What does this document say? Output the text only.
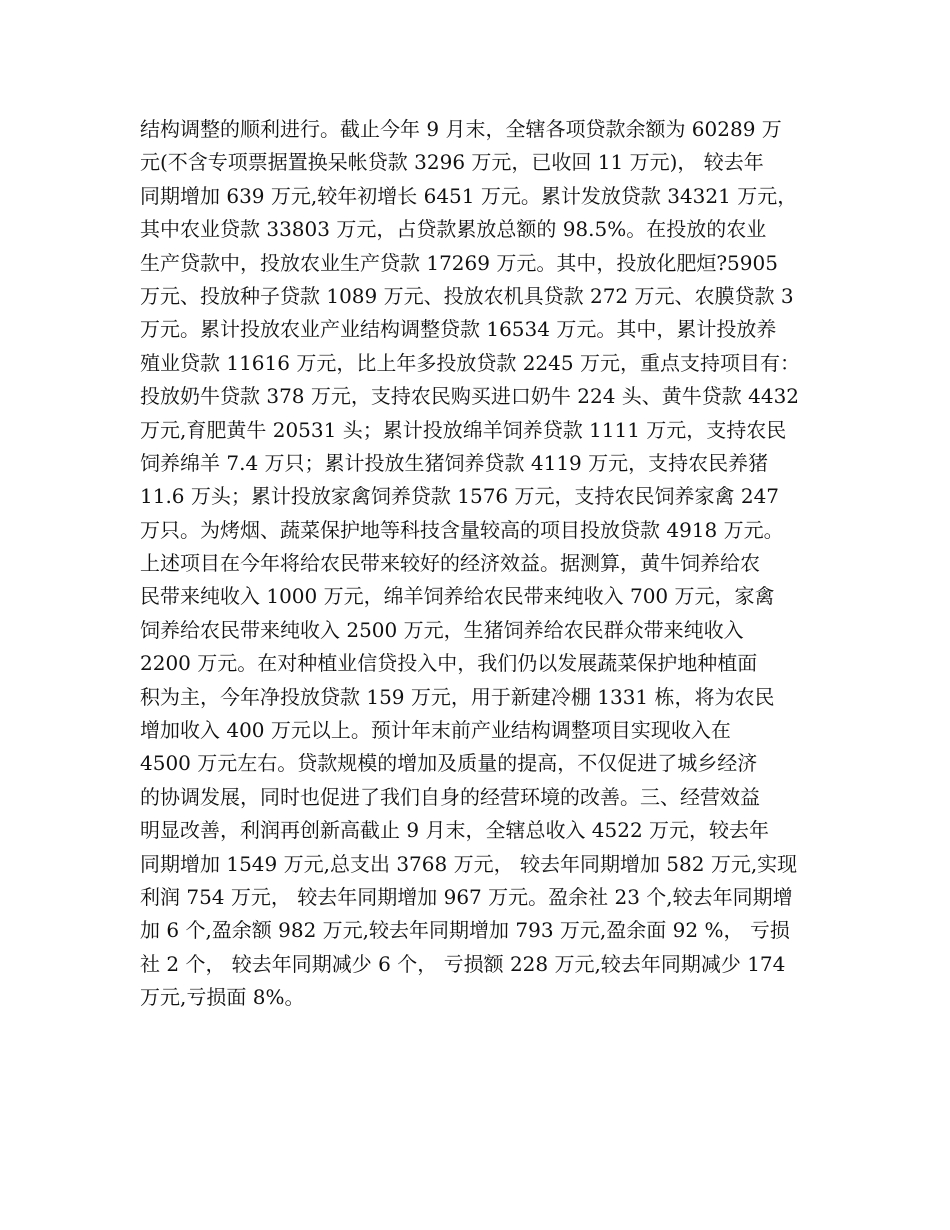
结构调整的顺利进行。截止今年 9 月末，全辖各项贷款余额为 60289 万
元(不含专项票据置换呆帐贷款 3296 万元，已收回 11 万元)， 较去年
同期增加 639 万元,较年初增长 6451 万元。累计发放贷款 34321 万元，
其中农业贷款 33803 万元，占贷款累放总额的 98.5%。在投放的农业
生产贷款中，投放农业生产贷款 17269 万元。其中，投放化肥烜?5905
万元、投放种子贷款 1089 万元、投放农机具贷款 272 万元、农膜贷款 3
万元。累计投放农业产业结构调整贷款 16534 万元。其中，累计投放养
殖业贷款 11616 万元，比上年多投放贷款 2245 万元，重点支持项目有：
投放奶牛贷款 378 万元，支持农民购买进口奶牛 224 头、黄牛贷款 4432
万元,育肥黄牛 20531 头；累计投放绵羊饲养贷款 1111 万元，支持农民
饲养绵羊 7.4 万只；累计投放生猪饲养贷款 4119 万元，支持农民养猪
11.6 万头；累计投放家禽饲养贷款 1576 万元，支持农民饲养家禽 247
万只。为烤烟、蔬菜保护地等科技含量较高的项目投放贷款 4918 万元。
上述项目在今年将给农民带来较好的经济效益。据测算，黄牛饲养给农
民带来纯收入 1000 万元，绵羊饲养给农民带来纯收入 700 万元，家禽
饲养给农民带来纯收入 2500 万元，生猪饲养给农民群众带来纯收入
2200 万元。在对种植业信贷投入中，我们仍以发展蔬菜保护地种植面
积为主，今年净投放贷款 159 万元，用于新建冷棚 1331 栋，将为农民
增加收入 400 万元以上。预计年末前产业结构调整项目实现收入在
4500 万元左右。贷款规模的增加及质量的提高，不仅促进了城乡经济
的协调发展，同时也促进了我们自身的经营环境的改善。三、经营效益
明显改善，利润再创新高截止 9 月末，全辖总收入 4522 万元，较去年
同期增加 1549 万元,总支出 3768 万元， 较去年同期增加 582 万元,实现
利润 754 万元， 较去年同期增加 967 万元。盈余社 23 个,较去年同期增
加 6 个,盈余额 982 万元,较去年同期增加 793 万元,盈余面 92 %， 亏损
社 2 个， 较去年同期减少 6 个， 亏损额 228 万元,较去年同期减少 174
万元,亏损面 8%。
